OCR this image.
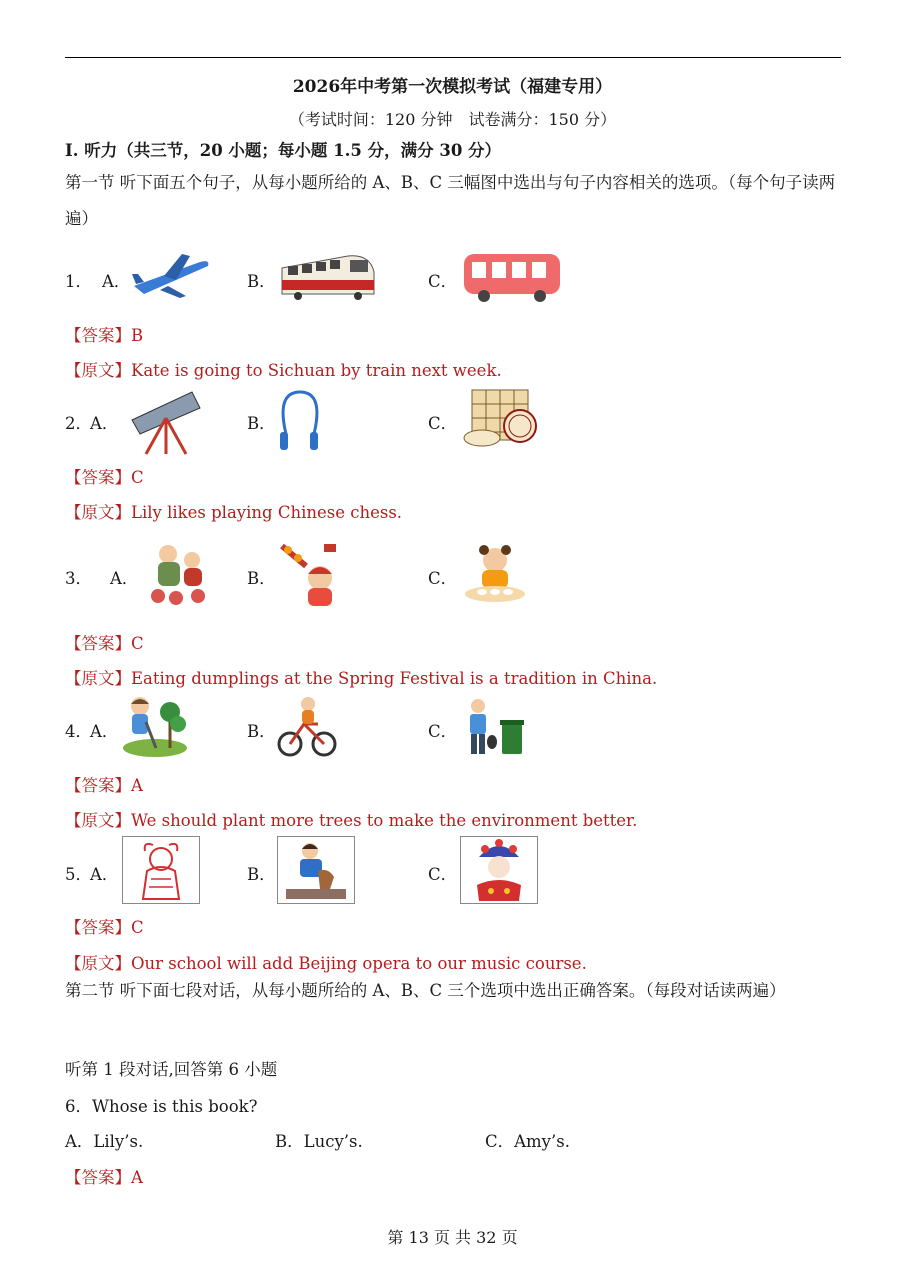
2026年中考第一次模拟考试（福建专用）
（考试时间：120 分钟　试卷满分：150 分）
I. 听力（共三节，20 小题；每小题 1.5 分，满分 30 分）
第一节 听下面五个句子，从每小题所给的 A、B、C 三幅图中选出与句子内容相关的选项。（每个句子读两遍）
1． A．	B．	C．
【答案】B
【原文】Kate is going to Sichuan by train next week.
2．
A．	B．	C．
【答案】C
【原文】Lily likes playing Chinese chess.
3． A．	B．	C．
【答案】C
【原文】Eating dumplings at the Spring Festival is a tradition in China.
4．
A．	B．	C．
【答案】A
【原文】We should plant more trees to make the environment better.
5．
A．	B．	C．
【答案】C
【原文】Our school will add Beijing opera to our music course.
第二节 听下面七段对话，从每小题所给的 A、B、C 三个选项中选出正确答案。（每段对话读两遍）
听第 1 段对话,回答第 6 小题
6．Whose is this book?
A．Lily’s.	B．Lucy’s.	C．Amy’s.
【答案】A
第 13 页 共 32 页
